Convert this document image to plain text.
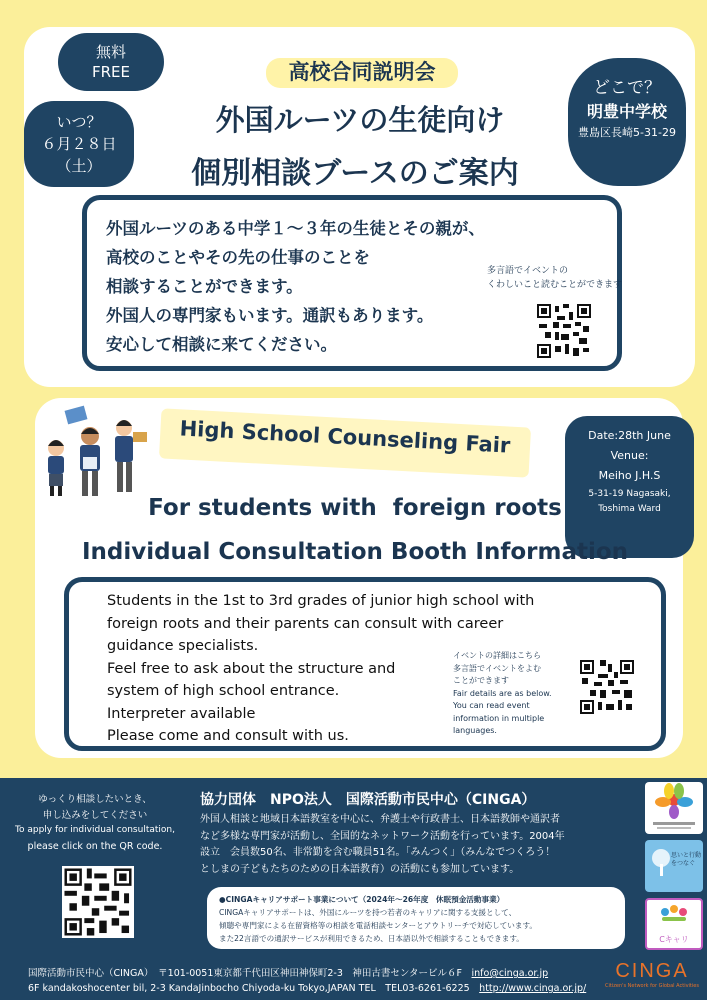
無料
FREE
いつ？
６月２８日
（土）
どこで？
明豊中学校
豊島区長崎5-31-29
高校合同説明会
外国ルーツの生徒向け
個別相談ブースのご案内
外国ルーツのある中学１～３年の生徒とその親が、
高校のことやその先の仕事のことを
相談することができます。
外国人の専門家もいます。通訳もあります。
安心して相談に来てください。
多言語でイベントの
くわしいこと読むことができます
High School Counseling Fair	Date:28th June
Venue:
Meiho J.H.S
5-31-19 Nagasaki,
Toshima Ward
For students with  foreign roots
Individual Consultation Booth Information
Students in the 1st to 3rd grades of junior high school with
foreign roots and their parents can consult with career
guidance specialists.
Feel free to ask about the structure and
system of high school entrance.
Interpreter available
Please come and consult with us.
イベントの詳細はこちら
多言語でイベントをよむ
ことができます
Fair details are as below.
You can read event
information in multiple
languages.
ゆっくり相談したいとき、
申し込みをしてください
To apply for individual consultation,
please click on the QR code.
協力団体　NPO法人　国際活動市民中心（CINGA）
外国人相談と地域日本語教室を中心に、弁護士や行政書士、日本語教師や通訳者
など多様な専門家が活動し、全国的なネットワーク活動を行っています。2004年
設立　会員数50名、非常勤を含む職員51名。「みんつく」（みんなでつくろう！
としまの子どもたちのための日本語教育）の活動にも参加しています。
●CINGAキャリアサポート事業について（2024年～26年度　休眠預金活動事業）
CINGAキャリアサポートは、外国にルーツを持つ若者のキャリアに関する支援として、
傾聴や専門家による在留資格等の相談を電話相談センターとアウトリーチで対応しています。
また22言語での通訳サービスが利用できるため、日本語以外で相談することもできます。
思いと行動をつなぐ
Cキャリ
国際活動市民中心（CINGA）　〒101-0051東京都千代田区神田神保町2-3　神田古書センタービル６F　info@cinga.or.jp
6F kandakoshocenter bil, 2-3 KandaJinbocho Chiyoda-ku Tokyo,JAPAN TEL　TEL03-6261-6225　http://www.cinga.or.jp/
CINGA
Citizen's Network for Global Activities
